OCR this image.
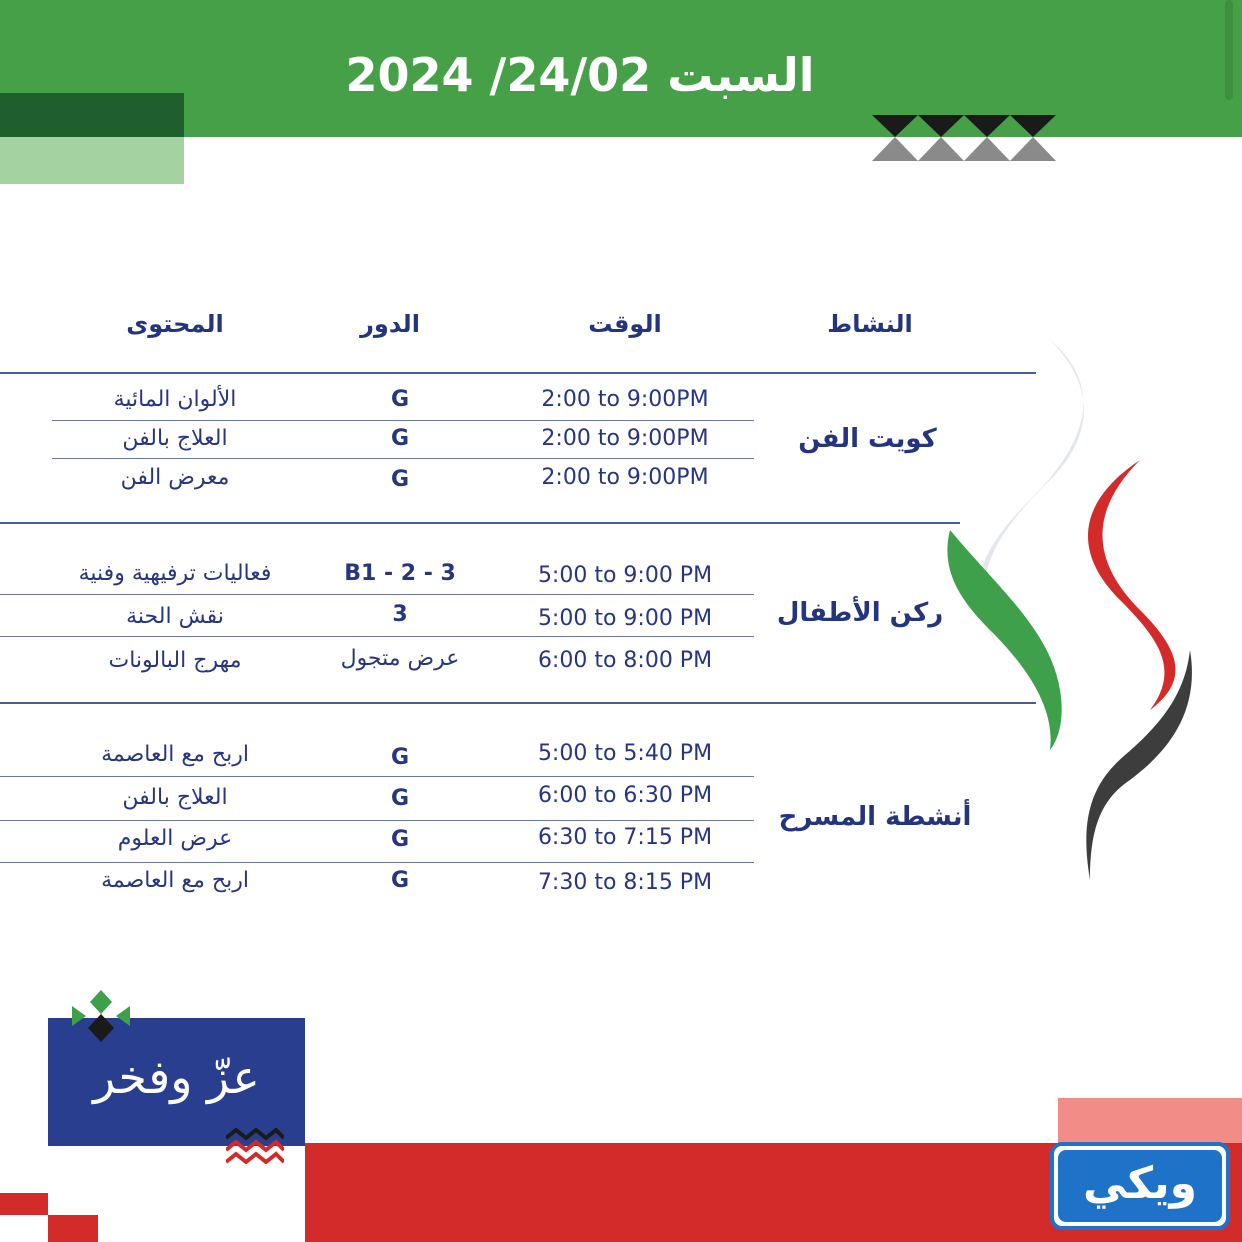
السبت 24/02/ 2024
النشاط
الوقت
الدور
المحتوى
كويت الفن
ركن الأطفال
أنشطة المسرح
2:00 to 9:00PM
G
الألوان المائية
2:00 to 9:00PM
G
العلاج بالفن
2:00 to 9:00PM
G
معرض الفن
5:00 to 9:00 PM
B1 - 2 - 3
فعاليات ترفيهية وفنية
5:00 to 9:00 PM
3
نقش الحنة
6:00 to 8:00 PM
عرض متجول
مهرج البالونات
5:00 to 5:40 PM
G
اربح مع العاصمة
6:00 to 6:30 PM
G
العلاج بالفن
6:30 to 7:15 PM
G
عرض العلوم
7:30 to 8:15 PM
G
اربح مع العاصمة
عزّ وفخر
ويكي
